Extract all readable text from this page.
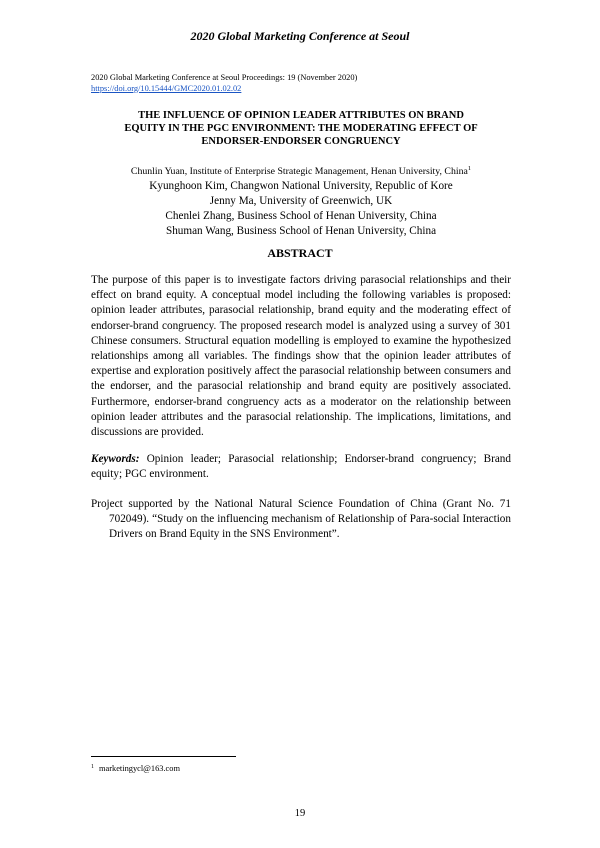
2020 Global Marketing Conference at Seoul
2020 Global Marketing Conference at Seoul Proceedings: 19 (November 2020)
https://doi.org/10.15444/GMC2020.01.02.02
THE INFLUENCE OF OPINION LEADER ATTRIBUTES ON BRAND
EQUITY IN THE PGC ENVIRONMENT: THE MODERATING EFFECT OF
ENDORSER-ENDORSER CONGRUENCY
Chunlin Yuan, Institute of Enterprise Strategic Management, Henan University, China$^1$
Kyunghoon Kim, Changwon National University, Republic of Kore
Jenny Ma, University of Greenwich, UK
Chenlei Zhang, Business School of Henan University, China
Shuman Wang, Business School of Henan University, China
ABSTRACT
The purpose of this paper is to investigate factors driving parasocial relationships and their effect on brand equity. A conceptual model including the following variables is proposed: opinion leader attributes, parasocial relationship, brand equity and the moderating effect of endorser-brand congruency. The proposed research model is analyzed using a survey of 301 Chinese consumers. Structural equation modelling is employed to examine the hypothesized relationships among all variables. The findings show that the opinion leader attributes of expertise and exploration positively affect the parasocial relationship between consumers and the endorser, and the parasocial relationship and brand equity are positively associated. Furthermore, endorser-brand congruency acts as a moderator on the relationship between opinion leader attributes and the parasocial relationship. The implications, limitations, and discussions are provided.
Keywords: Opinion leader; Parasocial relationship; Endorser-brand congruency; Brand equity; PGC environment.
Project supported by the National Natural Science Foundation of China (Grant No. 71 702049). “Study on the influencing mechanism of Relationship of Para-social Interaction Drivers on Brand Equity in the SNS Environment”.
$^1$ marketingycl@163.com
19
